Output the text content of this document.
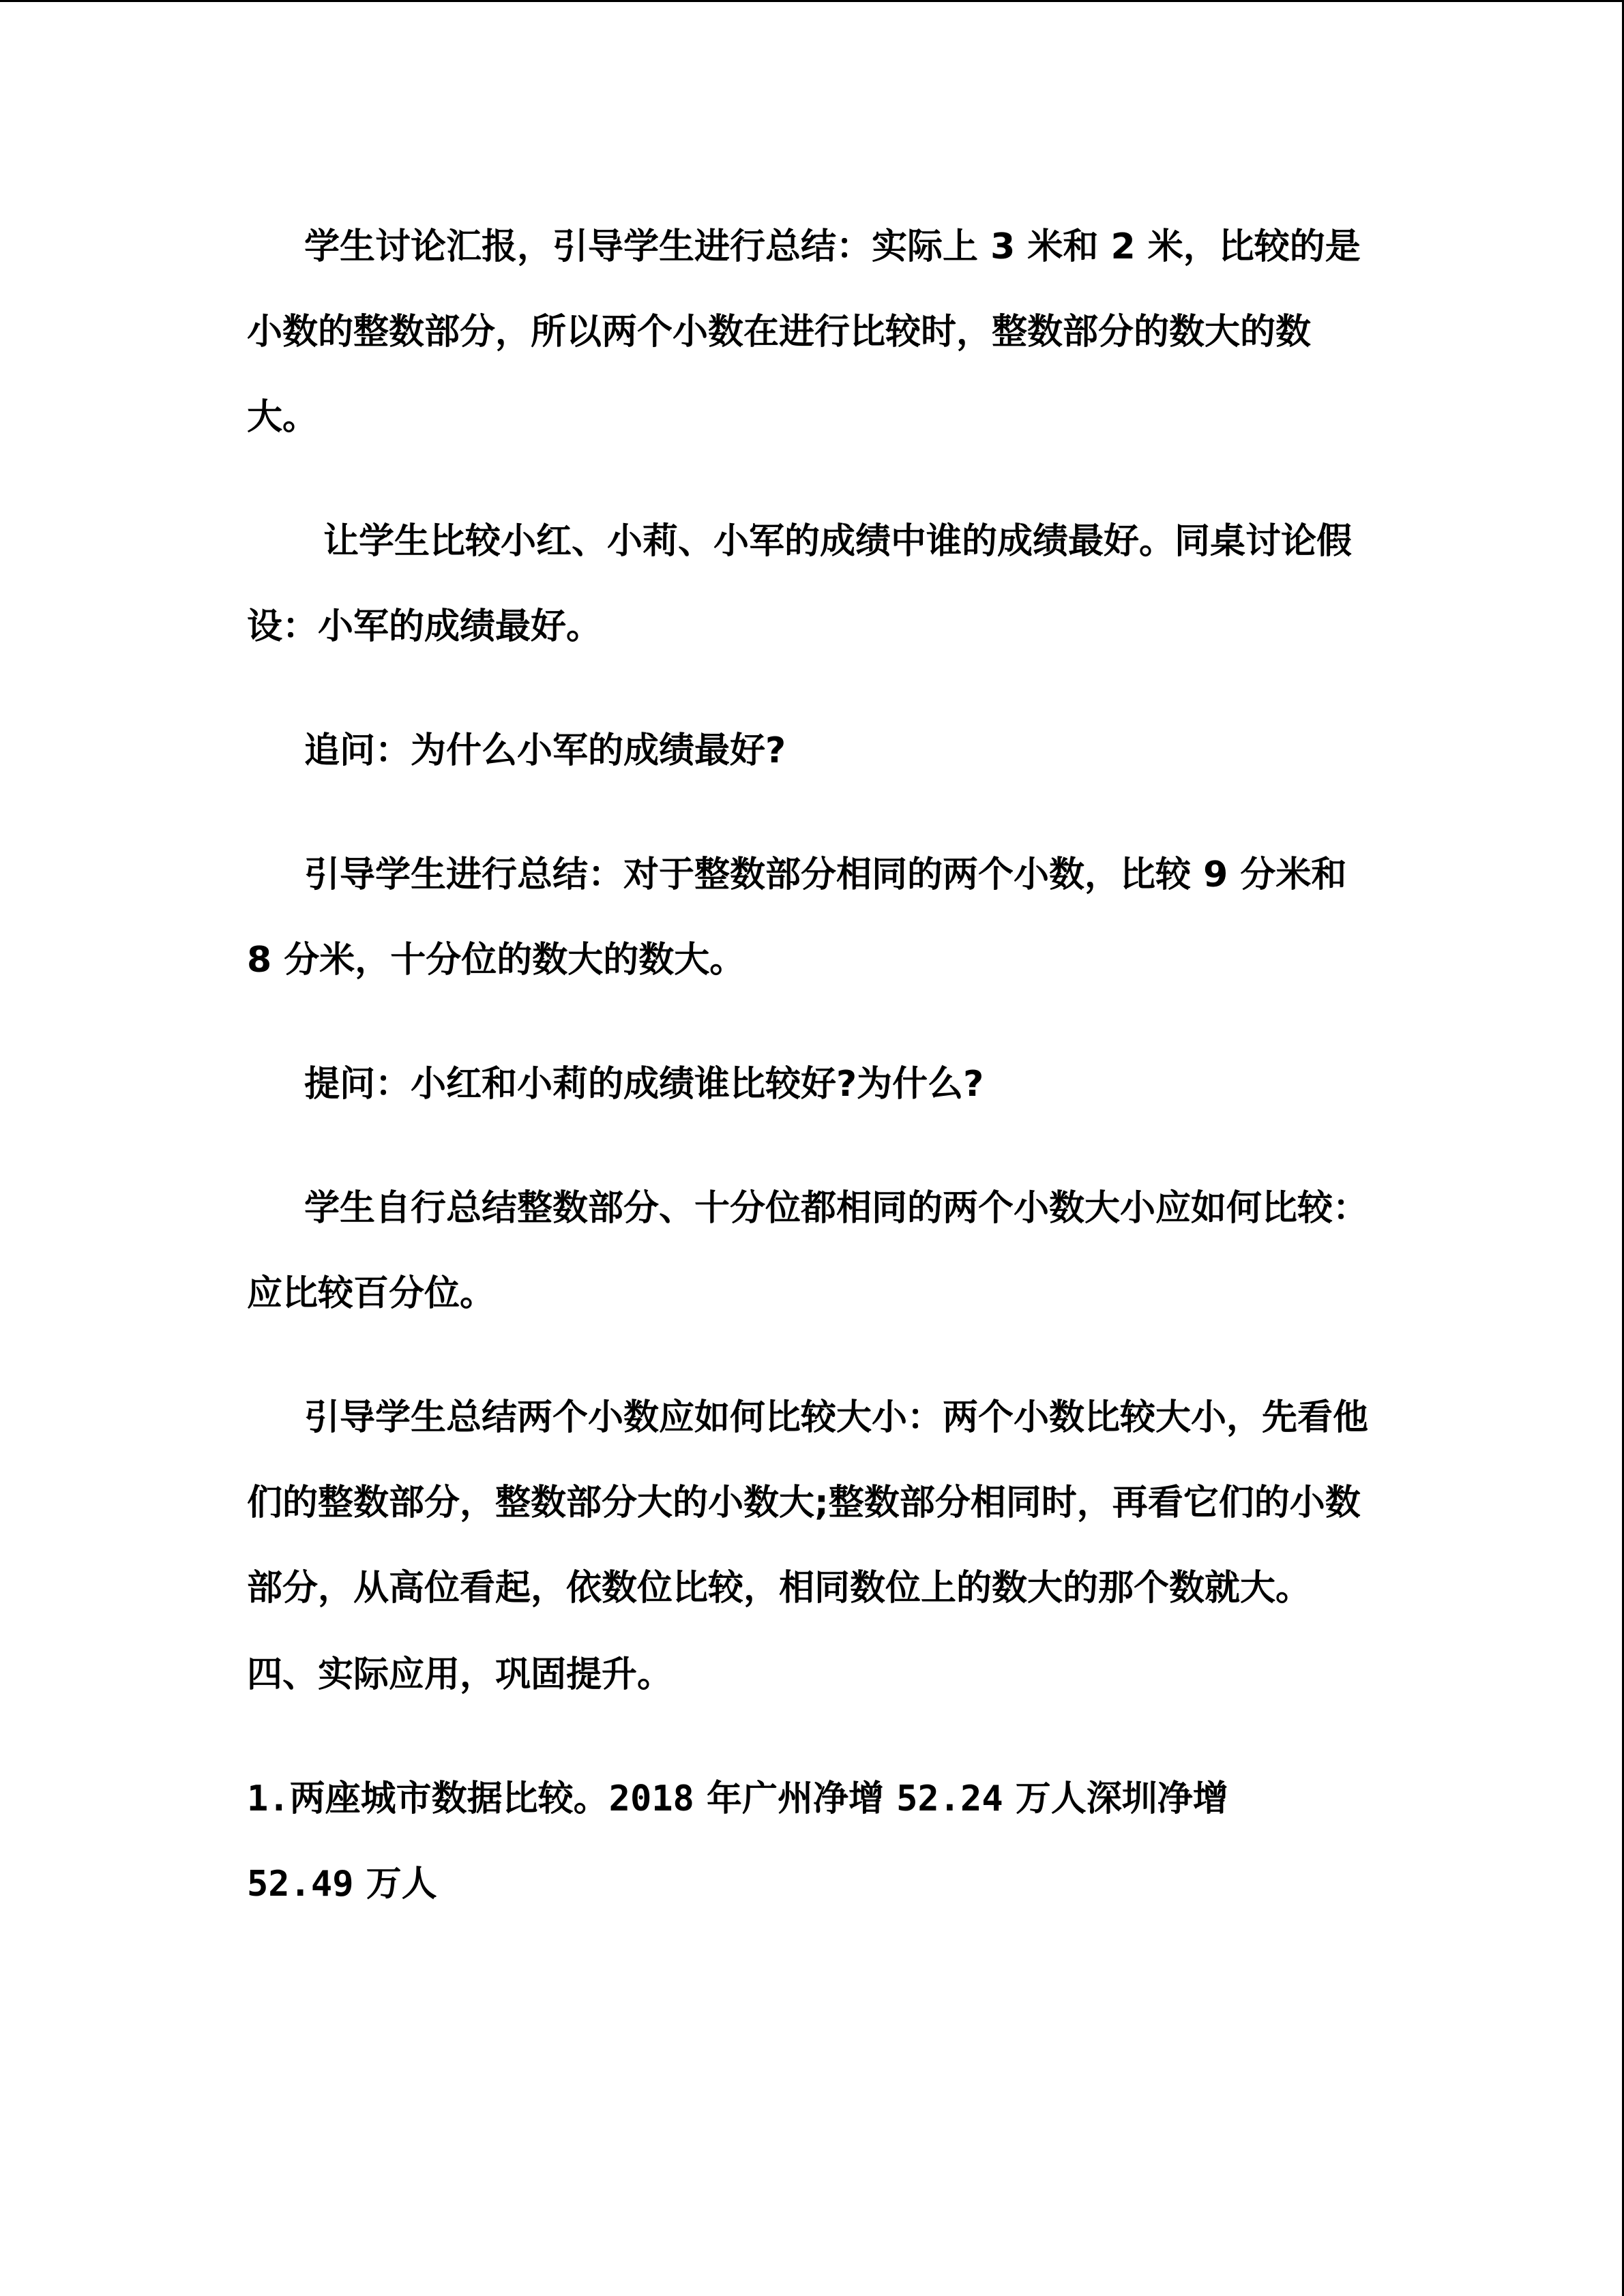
学生讨论汇报，引导学生进行总结：实际上 3 米和 2 米，比较的是小数的整数部分，所以两个小数在进行比较时，整数部分的数大的数大。

让学生比较小红、小莉、小军的成绩中谁的成绩最好。同桌讨论假设：小军的成绩最好。

追问：为什么小军的成绩最好?

引导学生进行总结：对于整数部分相同的两个小数，比较 9 分米和 8 分米，十分位的数大的数大。

提问：小红和小莉的成绩谁比较好?为什么?

学生自行总结整数部分、十分位都相同的两个小数大小应如何比较：应比较百分位。

引导学生总结两个小数应如何比较大小：两个小数比较大小，先看他们的整数部分，整数部分大的小数大;整数部分相同时，再看它们的小数部分，从高位看起，依数位比较，相同数位上的数大的那个数就大。

四、实际应用，巩固提升。

1.两座城市数据比较。2018 年广州净增 52.24 万人深圳净增
52.49 万人
